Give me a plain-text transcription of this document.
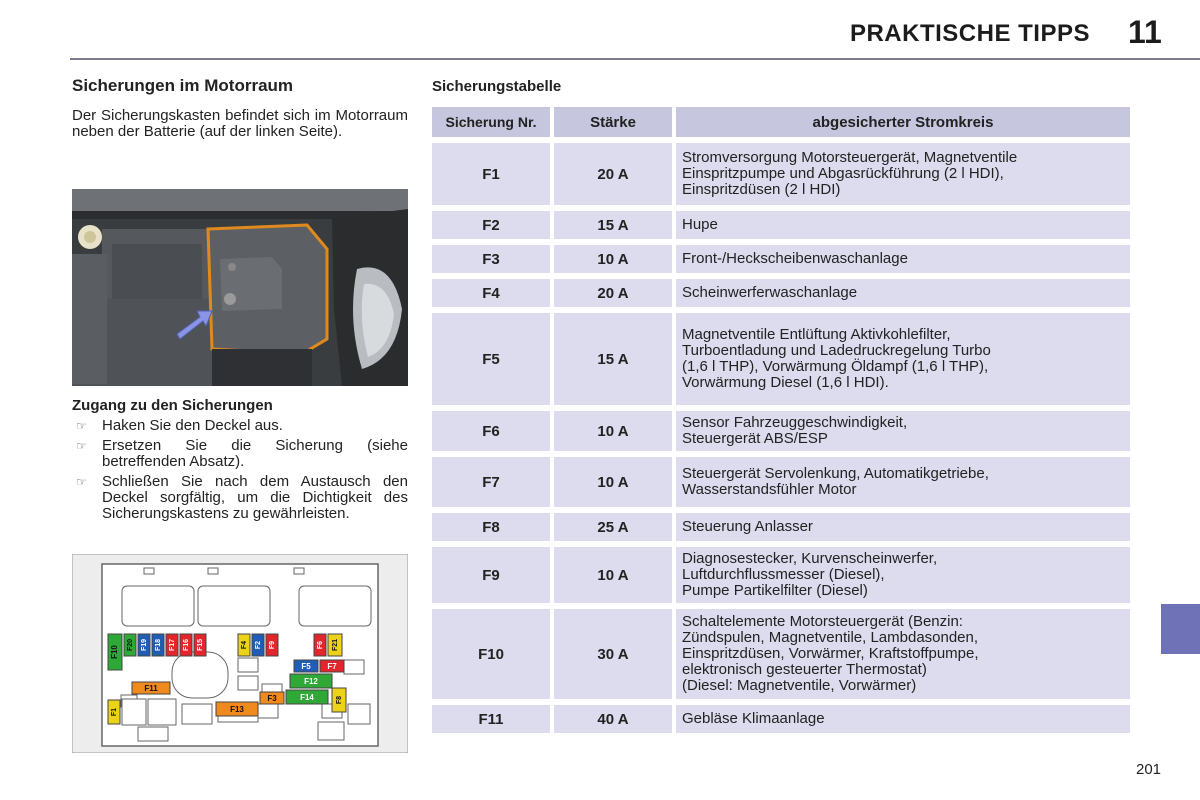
PRAKTISCHE TIPPS 11
Sicherungen im Motorraum
Der Sicherungskasten befindet sich im Motorraum neben der Batterie (auf der linken Seite).
Zugang zu den Sicherungen
☞ Haken Sie den Deckel aus.
☞ Ersetzen Sie die Sicherung (siehe betreffenden Absatz).
☞ Schließen Sie nach dem Austausch den Deckel sorgfältig, um die Dichtigkeit des Sicherungskastens zu gewährleisten.
F10
F20 F19 F18 F17 F16 F15	F4 F2 F9	F6 F21
F5 F7
F12
F11
F3	F14	F8
F1	F13
Sicherungstabelle
Sicherung Nr.	Stärke	abgesicherter Stromkreis
F1	20 A
Stromversorgung Motorsteuergerät, Magnetventile
Einspritzpumpe und Abgasrückführung (2 l HDI),
Einspritzdüsen (2 l HDI)
F2	15 A	Hupe
F3	10 A	Front-/Heckscheibenwaschanlage
F4	20 A	Scheinwerferwaschanlage
F5	15 A
Magnetventile Entlüftung Aktivkohlefilter,
Turboentladung und Ladedruckregelung Turbo
(1,6 l THP), Vorwärmung Öldampf (1,6 l THP),
Vorwärmung Diesel (1,6 l HDI).
F6	10 A	Sensor Fahrzeuggeschwindigkeit,
Steuergerät ABS/ESP
F7	10 A	Steuergerät Servolenkung, Automatikgetriebe,
Wasserstandsfühler Motor
F8	25 A	Steuerung Anlasser
F9	10 A
Diagnosestecker, Kurvenscheinwerfer,
Luftdurchflussmesser (Diesel),
Pumpe Partikelfilter (Diesel)
F10	30 A
Schaltelemente Motorsteuergerät (Benzin:
Zündspulen, Magnetventile, Lambdasonden,
Einspritzdüsen, Vorwärmer, Kraftstoffpumpe,
elektronisch gesteuerter Thermostat)
(Diesel: Magnetventile, Vorwärmer)
F11	40 A	Gebläse Klimaanlage
201
